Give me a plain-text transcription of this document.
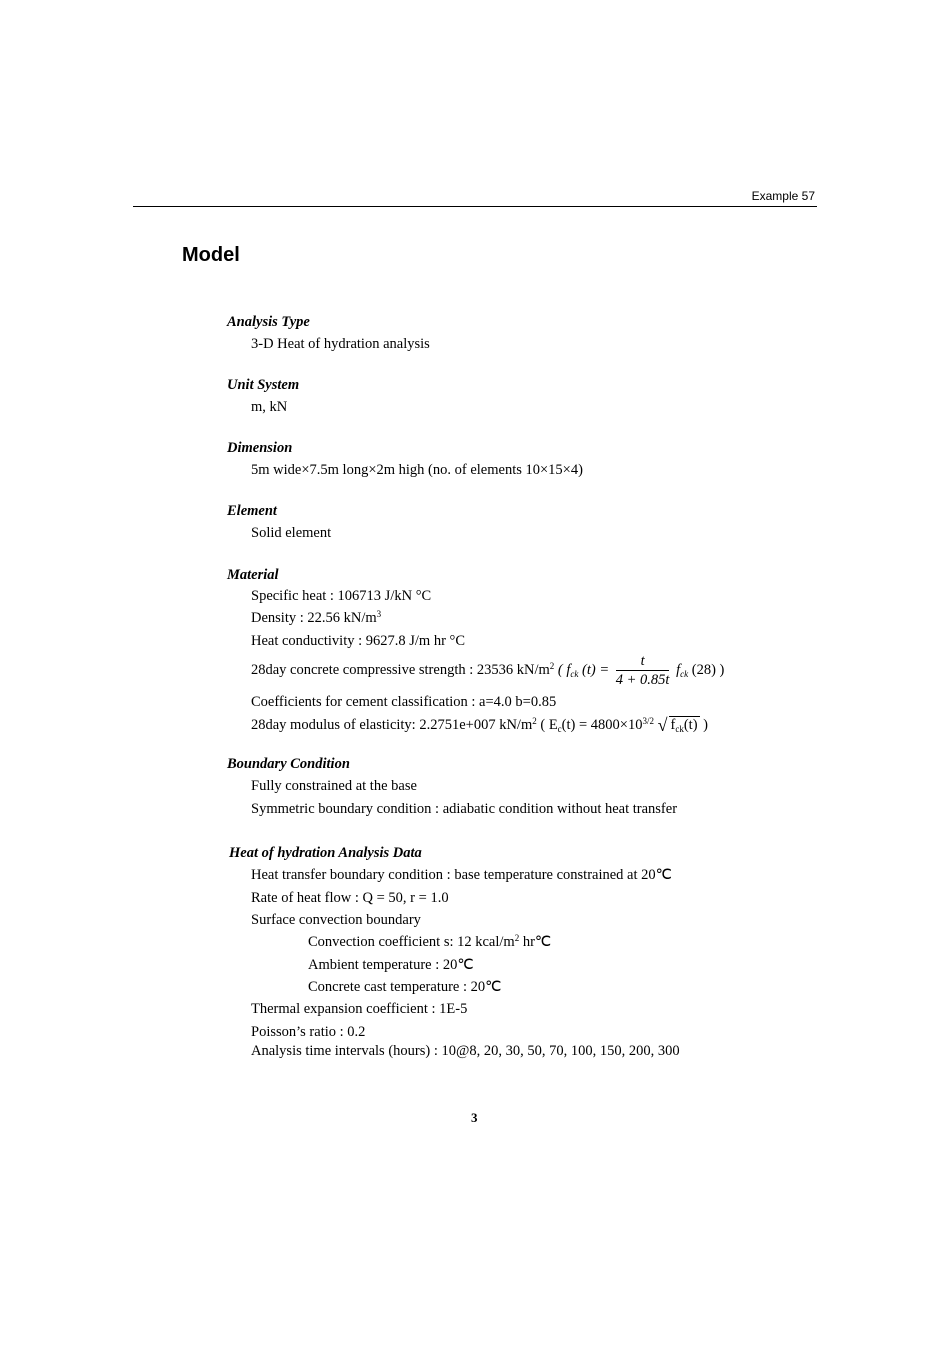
Example 57
Model
Analysis Type
3-D Heat of hydration analysis
Unit System
m, kN
Dimension
5m wide×7.5m long×2m high (no. of elements 10×15×4)
Element
Solid element
Material
Specific heat : 106713 J/kN °C
Density : 22.56 $kN/m^3$
Heat conductivity : 9627.8 J/m hr °C
28day concrete compressive strength : 23536 $kN/m^2$ ( $f_{ck}$ $(t) = \frac{t}{4 + 0.85t} f_{ck}$ (28) )
Coefficients for cement classification : a=4.0 b=0.85
28day modulus of elasticity: 2.2751e+007 $kN/m^2$ ( $E_c(t) = 4800\times 10^{3/2}$ √ $f_{ck}(t)$ )
Boundary Condition
Fully constrained at the base
Symmetric boundary condition : adiabatic condition without heat transfer
Heat of hydration Analysis Data
Heat transfer boundary condition : base temperature constrained at 20℃
Rate of heat flow : Q = 50, r = 1.0
Surface convection boundary
Convection coefficient s: 12 kcal/$m^2$ hr℃
Ambient temperature : 20℃
Concrete cast temperature : 20℃
Thermal expansion coefficient : 1E-5
Poisson’s ratio : 0.2
Analysis time intervals (hours) : 10@8, 20, 30, 50, 70, 100, 150, 200, 300
3
